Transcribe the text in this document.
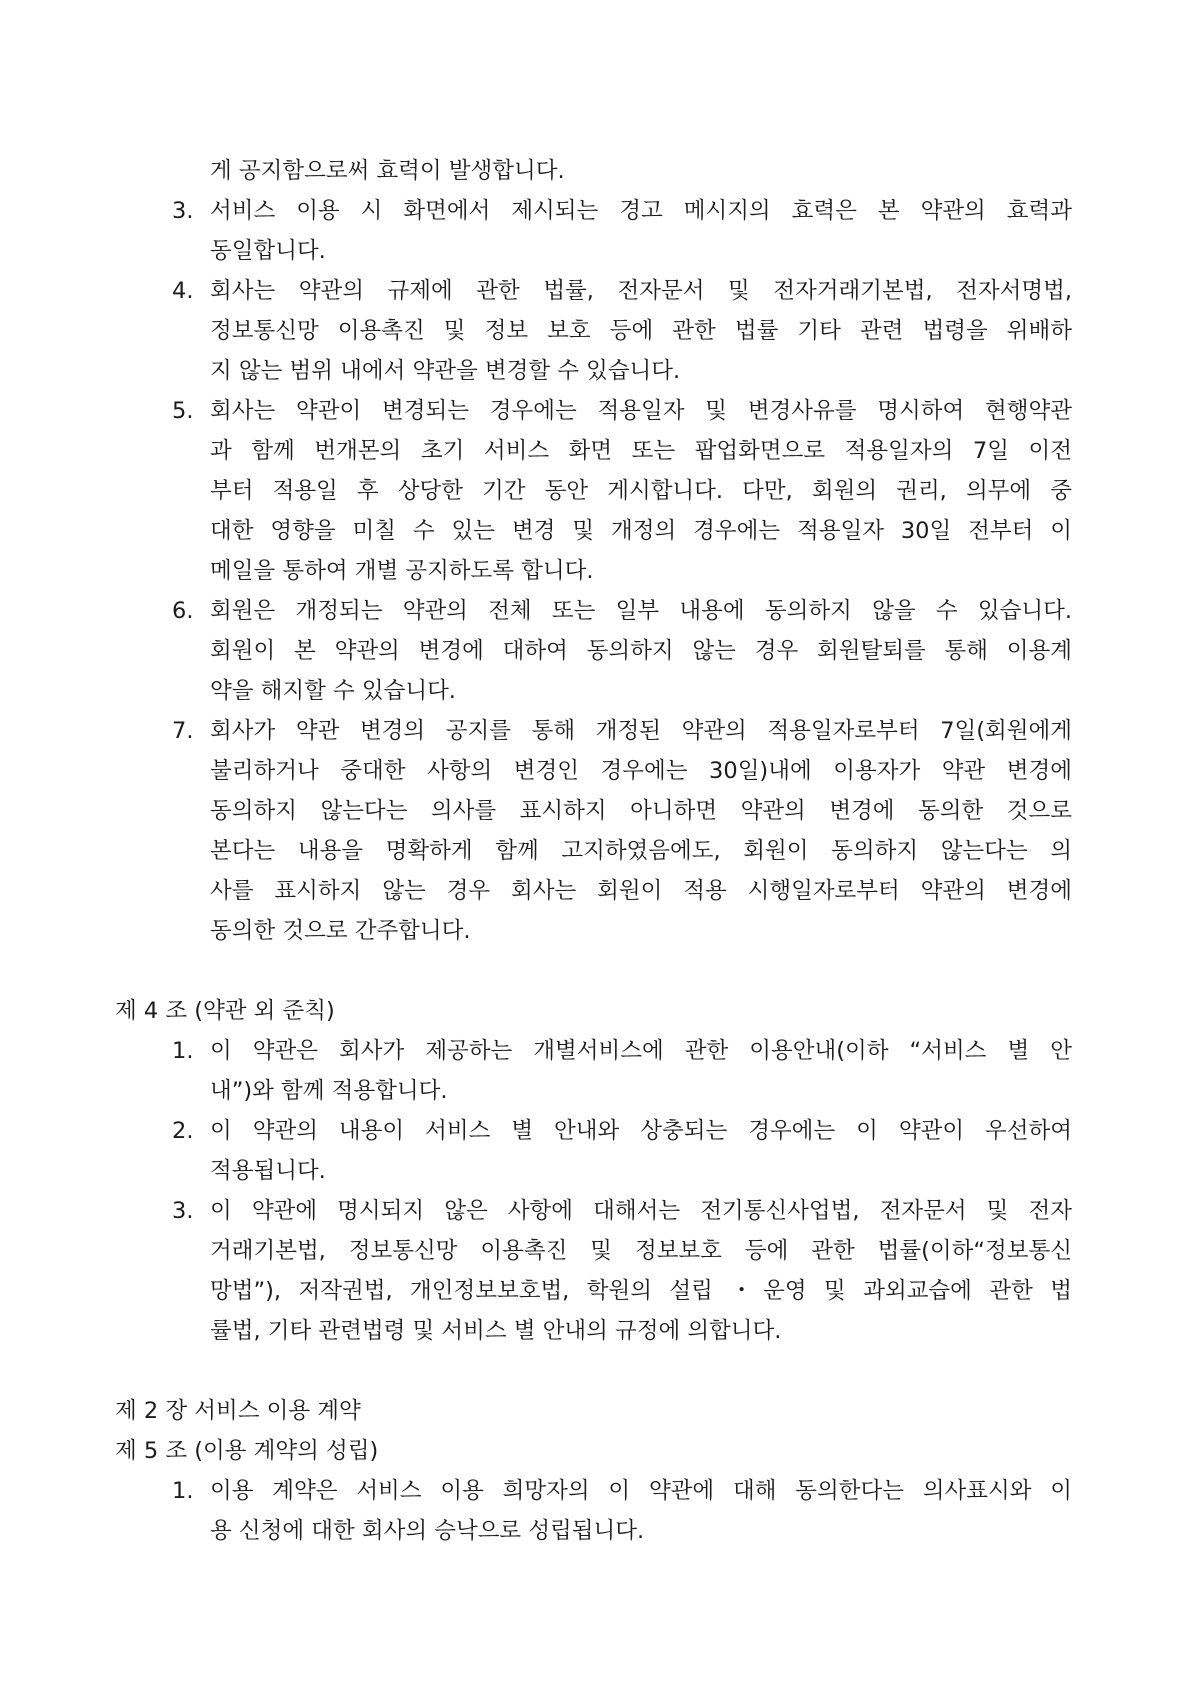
게 공지함으로써 효력이 발생합니다.

3. 서비스 이용 시 화면에서 제시되는 경고 메시지의 효력은 본 약관의 효력과

동일합니다.

4. 회사는 약관의 규제에 관한 법률, 전자문서 및 전자거래기본법, 전자서명법,

정보통신망 이용촉진 및 정보 보호 등에 관한 법률 기타 관련 법령을 위배하

지 않는 범위 내에서 약관을 변경할 수 있습니다.

5. 회사는 약관이 변경되는 경우에는 적용일자 및 변경사유를 명시하여 현행약관

과 함께 번개몬의 초기 서비스 화면 또는 팝업화면으로 적용일자의 7일 이전

부터 적용일 후 상당한 기간 동안 게시합니다. 다만, 회원의 권리, 의무에 중

대한 영향을 미칠 수 있는 변경 및 개정의 경우에는 적용일자 30일 전부터 이

메일을 통하여 개별 공지하도록 합니다.

6. 회원은 개정되는 약관의 전체 또는 일부 내용에 동의하지 않을 수 있습니다.

회원이 본 약관의 변경에 대하여 동의하지 않는 경우 회원탈퇴를 통해 이용계

약을 해지할 수 있습니다.

7. 회사가 약관 변경의 공지를 통해 개정된 약관의 적용일자로부터 7일(회원에게

불리하거나 중대한 사항의 변경인 경우에는 30일)내에 이용자가 약관 변경에

동의하지 않는다는 의사를 표시하지 아니하면 약관의 변경에 동의한 것으로

본다는 내용을 명확하게 함께 고지하였음에도, 회원이 동의하지 않는다는 의

사를 표시하지 않는 경우 회사는 회원이 적용 시행일자로부터 약관의 변경에

동의한 것으로 간주합니다.

제 4 조 (약관 외 준칙)

1. 이 약관은 회사가 제공하는 개별서비스에 관한 이용안내(이하 “서비스 별 안

내”)와 함께 적용합니다.

2. 이 약관의 내용이 서비스 별 안내와 상충되는 경우에는 이 약관이 우선하여

적용됩니다.

3. 이 약관에 명시되지 않은 사항에 대해서는 전기통신사업법, 전자문서 및 전자

거래기본법, 정보통신망 이용촉진 및 정보보호 등에 관한 법률(이하“정보통신

망법”), 저작권법, 개인정보보호법, 학원의 설립 ・운영 및 과외교습에 관한 법

률법, 기타 관련법령 및 서비스 별 안내의 규정에 의합니다.

제 2 장 서비스 이용 계약

제 5 조 (이용 계약의 성립)

1. 이용 계약은 서비스 이용 희망자의 이 약관에 대해 동의한다는 의사표시와 이

용 신청에 대한 회사의 승낙으로 성립됩니다.
